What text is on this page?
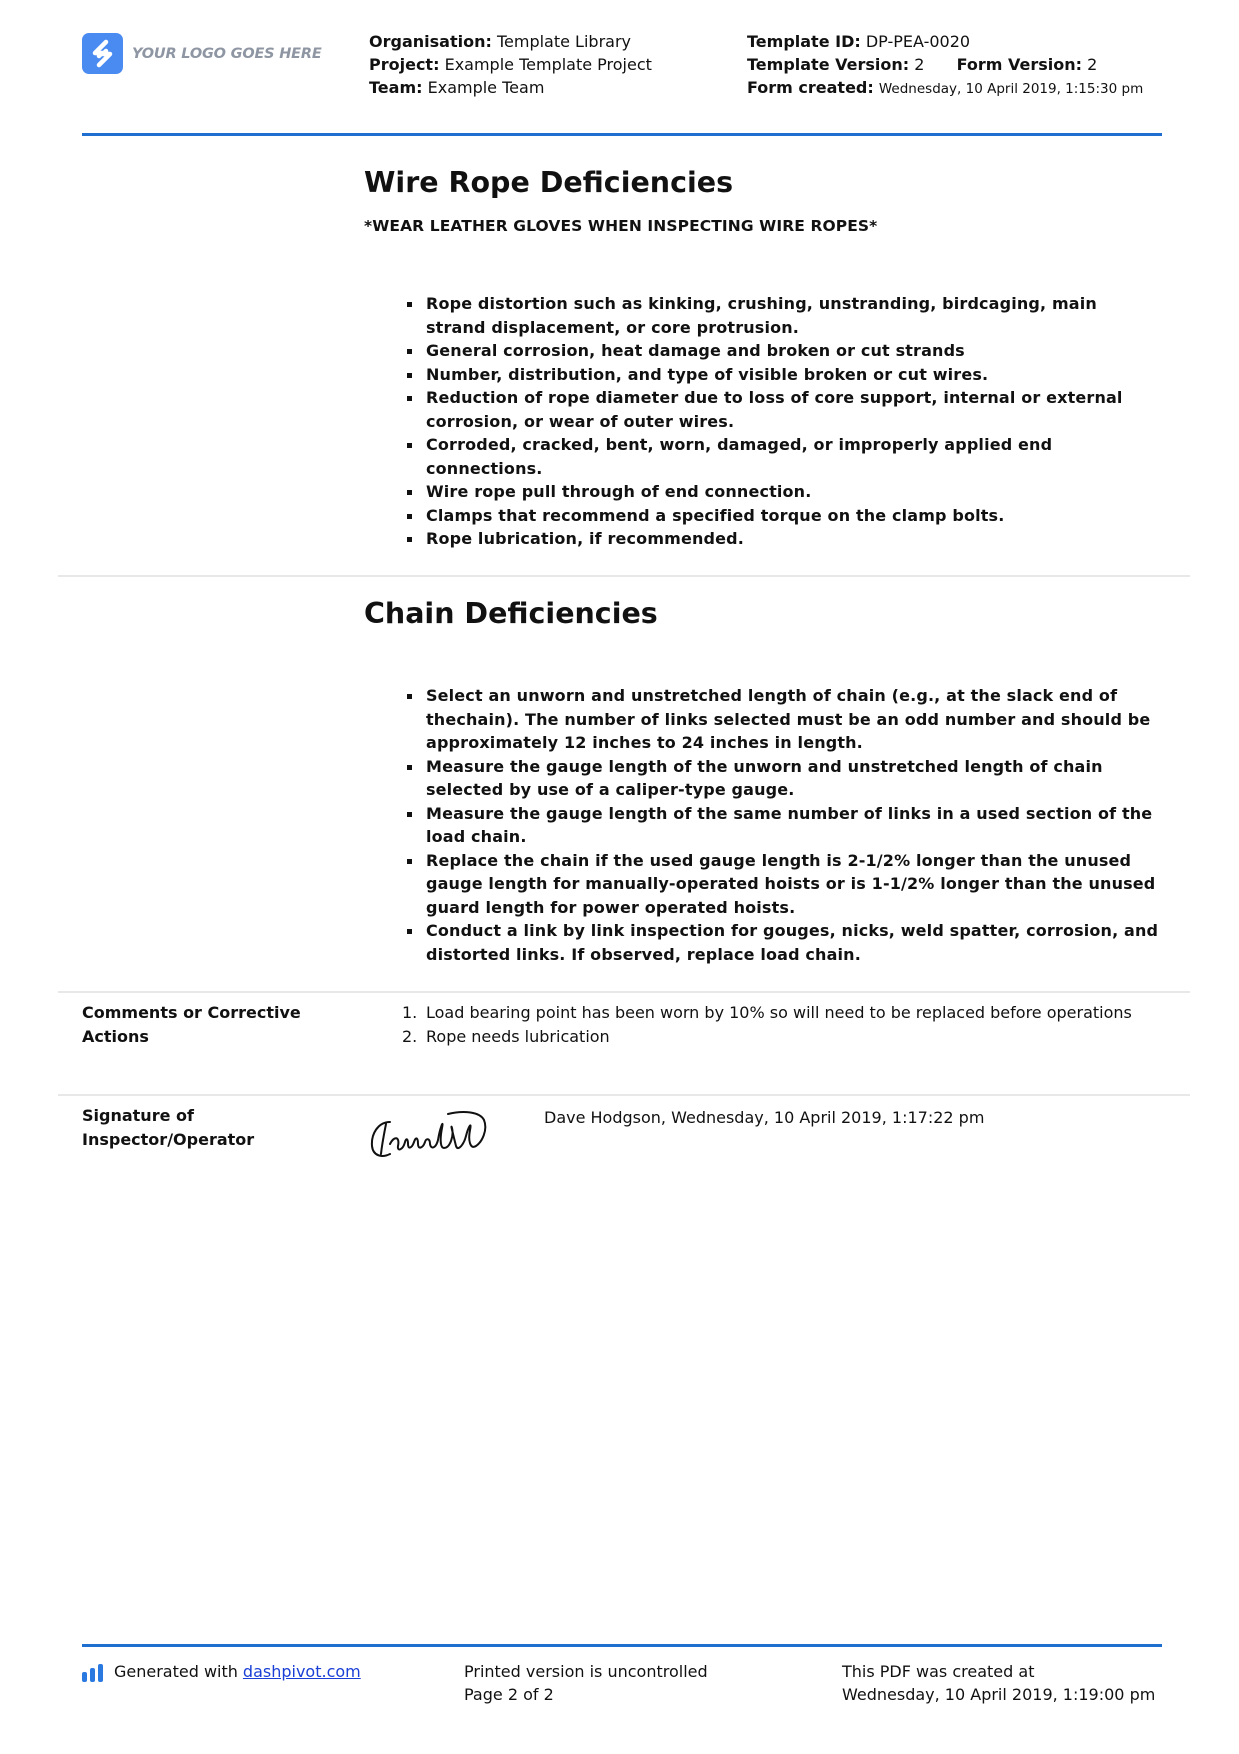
YOUR LOGO GOES HERE
Organisation: Template Library
Project: Example Template Project
Team: Example Team
Template ID: DP-PEA-0020
Template Version: 2 Form Version: 2
Form created: Wednesday, 10 April 2019, 1:15:30 pm
Wire Rope Deficiencies
*WEAR LEATHER GLOVES WHEN INSPECTING WIRE ROPES*
Rope distortion such as kinking, crushing, unstranding, birdcaging, main strand displacement, or core protrusion.
General corrosion, heat damage and broken or cut strands
Number, distribution, and type of visible broken or cut wires.
Reduction of rope diameter due to loss of core support, internal or external corrosion, or wear of outer wires.
Corroded, cracked, bent, worn, damaged, or improperly applied end connections.
Wire rope pull through of end connection.
Clamps that recommend a specified torque on the clamp bolts.
Rope lubrication, if recommended.
Chain Deficiencies
Select an unworn and unstretched length of chain (e.g., at the slack end of thechain). The number of links selected must be an odd number and should be approximately 12 inches to 24 inches in length.
Measure the gauge length of the unworn and unstretched length of chain selected by use of a caliper-type gauge.
Measure the gauge length of the same number of links in a used section of the load chain.
Replace the chain if the used gauge length is 2-1/2% longer than the unused gauge length for manually-operated hoists or is 1-1/2% longer than the unused guard length for power operated hoists.
Conduct a link by link inspection for gouges, nicks, weld spatter, corrosion, and distorted links. If observed, replace load chain.
Comments or Corrective Actions
1. Load bearing point has been worn by 10% so will need to be replaced before operations
2. Rope needs lubrication
Signature of Inspector/Operator
Dave Hodgson, Wednesday, 10 April 2019, 1:17:22 pm
Generated with dashpivot.com	Printed version is uncontrolled
Page 2 of 2
This PDF was created at
Wednesday, 10 April 2019, 1:19:00 pm
